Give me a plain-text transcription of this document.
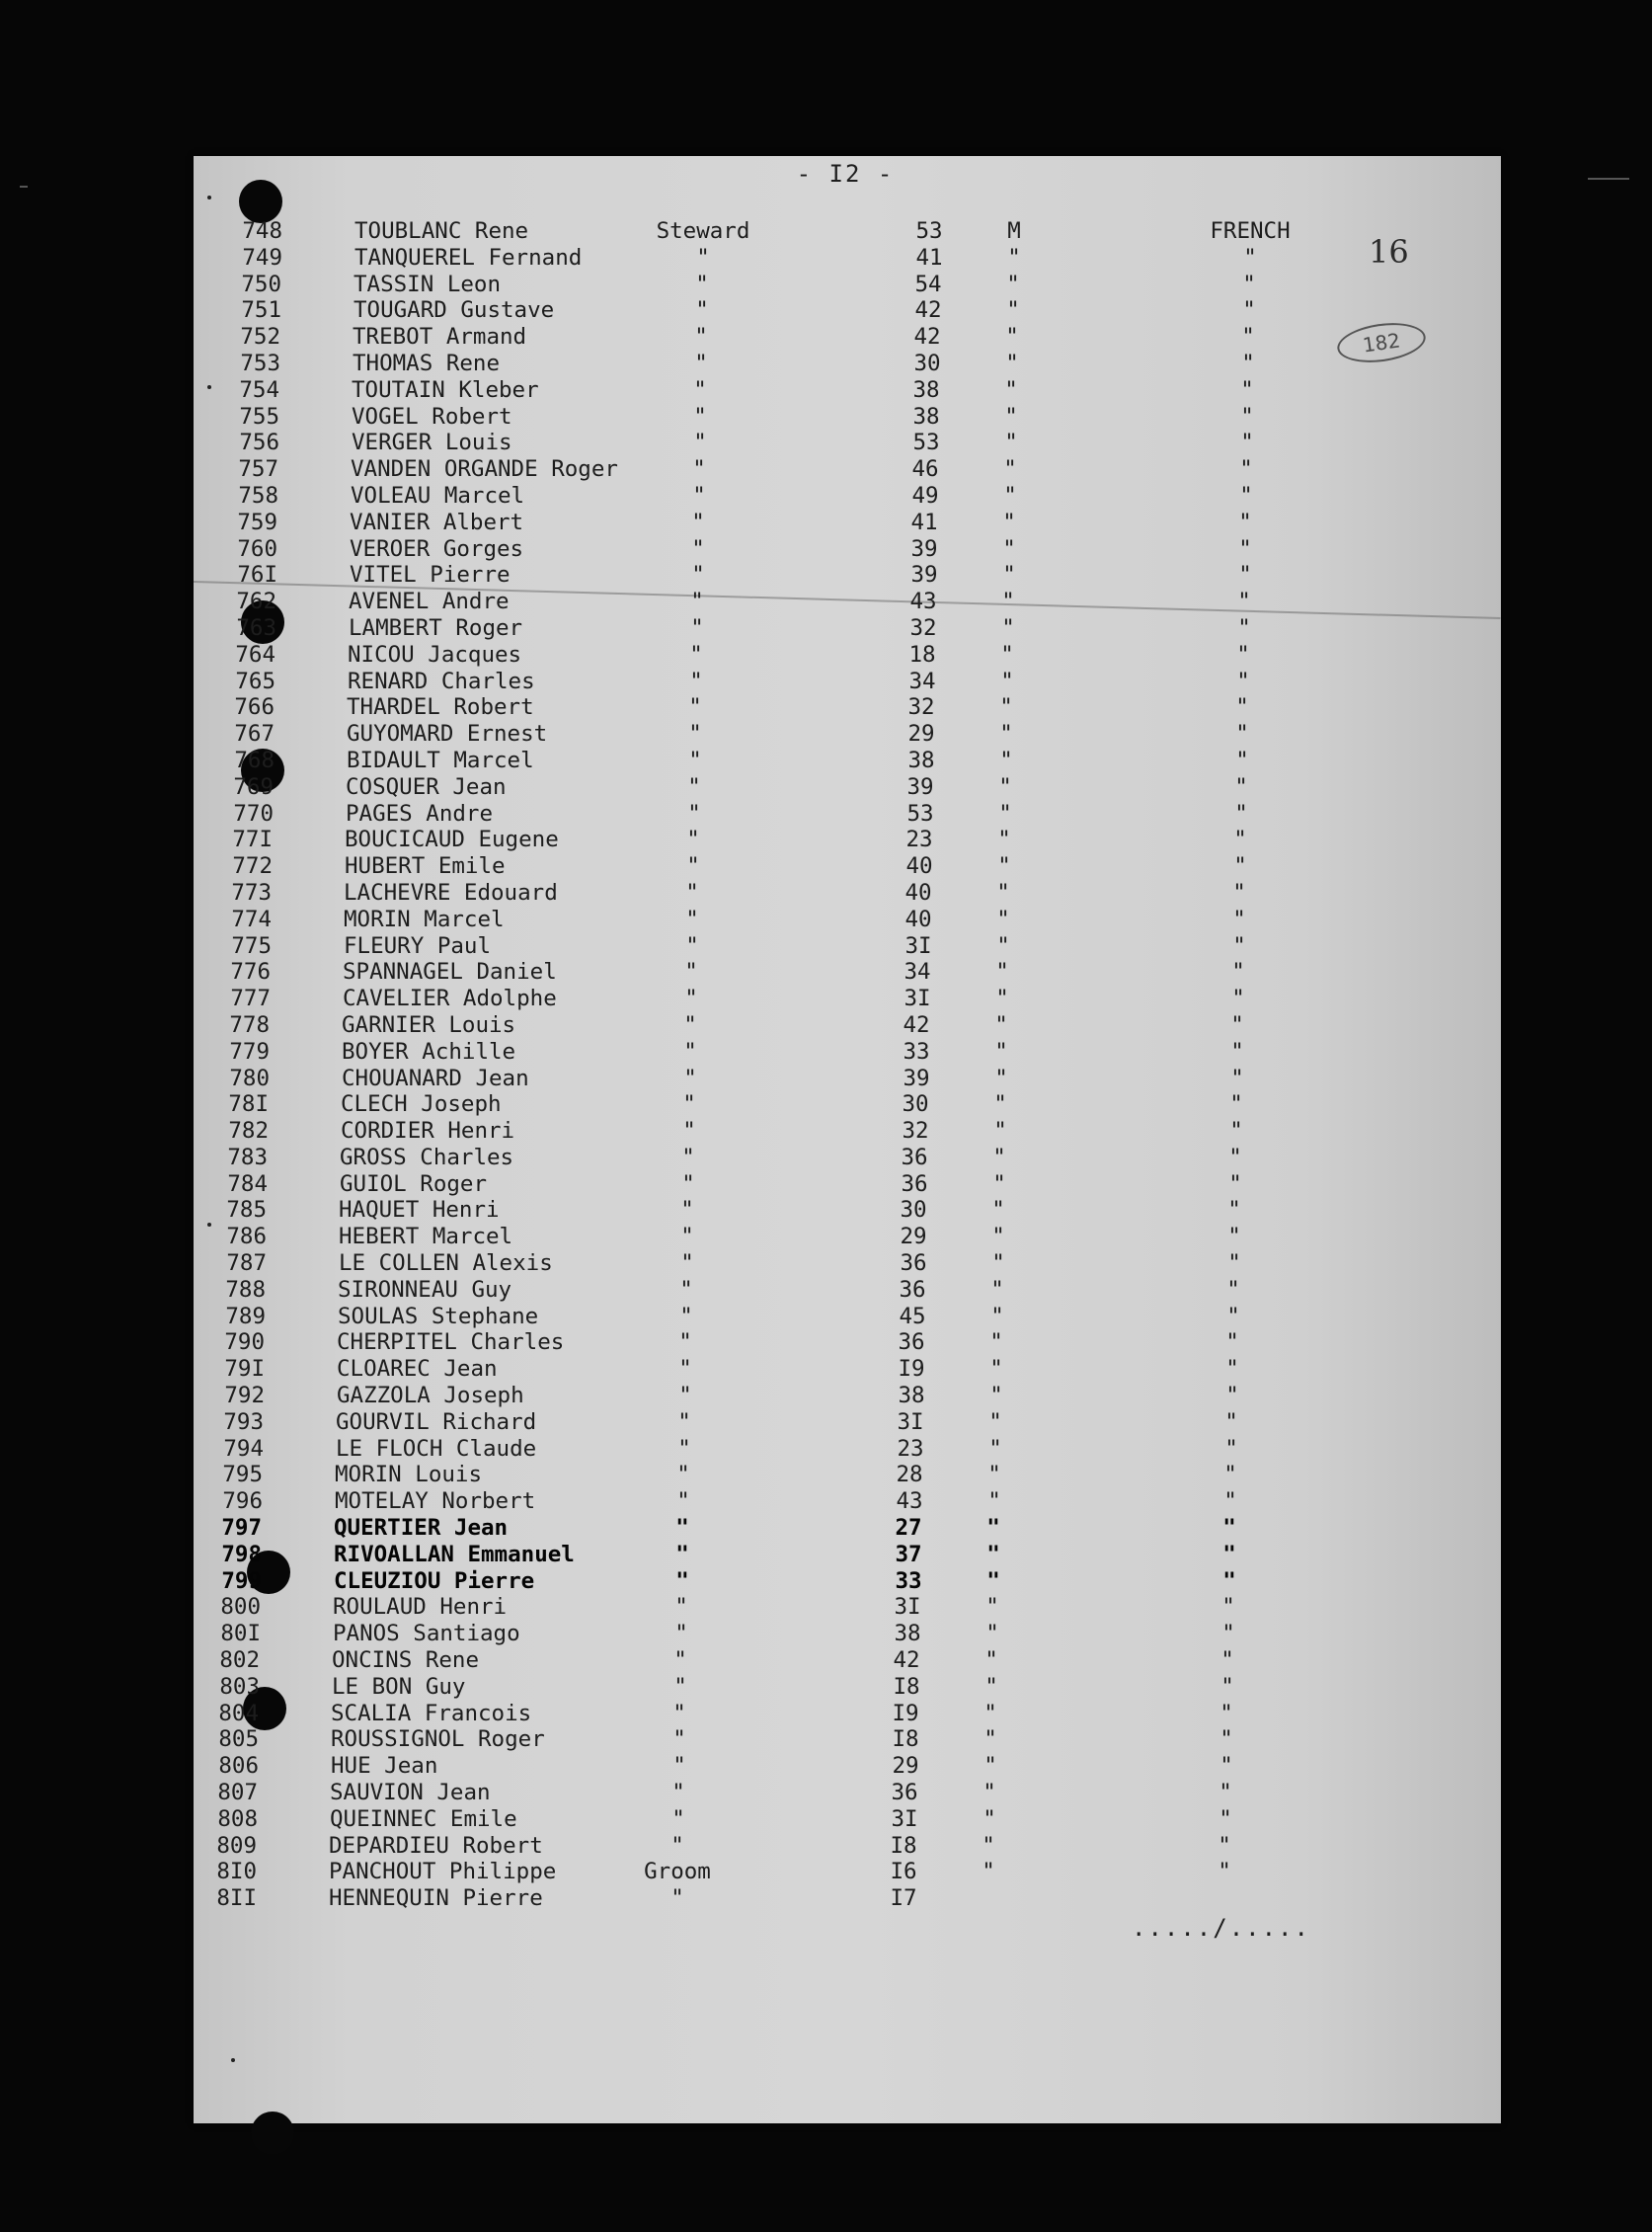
- I2 -
16
182
748	TOUBLANC Rene	Steward	53	M	FRENCH
749	TANQUEREL Fernand	"	41	"	"
750	TASSIN Leon	"	54	"	"
751	TOUGARD Gustave	"	42	"	"
752	TREBOT Armand	"	42	"	"
753	THOMAS Rene	"	30	"	"
754	TOUTAIN Kleber	"	38	"	"
755	VOGEL Robert	"	38	"	"
756	VERGER Louis	"	53	"	"
757	VANDEN ORGANDE Roger	"	46	"	"
758	VOLEAU Marcel	"	49	"	"
759	VANIER Albert	"	41	"	"
760	VEROER Gorges	"	39	"	"
76I	VITEL Pierre	"	39	"	"
762	AVENEL Andre	"	43	"	"
763	LAMBERT Roger	"	32	"	"
764	NICOU Jacques	"	18	"	"
765	RENARD Charles	"	34	"	"
766	THARDEL Robert	"	32	"	"
767	GUYOMARD Ernest	"	29	"	"
768	BIDAULT Marcel	"	38	"	"
769	COSQUER Jean	"	39	"	"
770	PAGES Andre	"	53	"	"
77I	BOUCICAUD Eugene	"	23	"	"
772	HUBERT Emile	"	40	"	"
773	LACHEVRE Edouard	"	40	"	"
774	MORIN Marcel	"	40	"	"
775	FLEURY Paul	"	3I	"	"
776	SPANNAGEL Daniel	"	34	"	"
777	CAVELIER Adolphe	"	3I	"	"
778	GARNIER Louis	"	42	"	"
779	BOYER Achille	"	33	"	"
780	CHOUANARD Jean	"	39	"	"
78I	CLECH Joseph	"	30	"	"
782	CORDIER Henri	"	32	"	"
783	GROSS Charles	"	36	"	"
784	GUIOL Roger	"	36	"	"
785	HAQUET Henri	"	30	"	"
786	HEBERT Marcel	"	29	"	"
787	LE COLLEN Alexis	"	36	"	"
788	SIRONNEAU Guy	"	36	"	"
789	SOULAS Stephane	"	45	"	"
790	CHERPITEL Charles	"	36	"	"
79I	CLOAREC Jean	"	I9	"	"
792	GAZZOLA Joseph	"	38	"	"
793	GOURVIL Richard	"	3I	"	"
794	LE FLOCH Claude	"	23	"	"
795	MORIN Louis	"	28	"	"
796	MOTELAY Norbert	"	43	"	"
797	QUERTIER Jean	"	27	"	"
798	RIVOALLAN Emmanuel	"	37	"	"
799	CLEUZIOU Pierre	"	33	"	"
800	ROULAUD Henri	"	3I	"	"
80I	PANOS Santiago	"	38	"	"
802	ONCINS Rene	"	42	"	"
803	LE BON Guy	"	I8	"	"
804	SCALIA Francois	"	I9	"	"
805	ROUSSIGNOL Roger	"	I8	"	"
806	HUE Jean	"	29	"	"
807	SAUVION Jean	"	36	"	"
808	QUEINNEC Emile	"	3I	"	"
809	DEPARDIEU Robert	"	I8	"	"
8I0	PANCHOUT Philippe	Groom	I6	"	"
8II	HENNEQUIN Pierre	"	I7
...../.....
